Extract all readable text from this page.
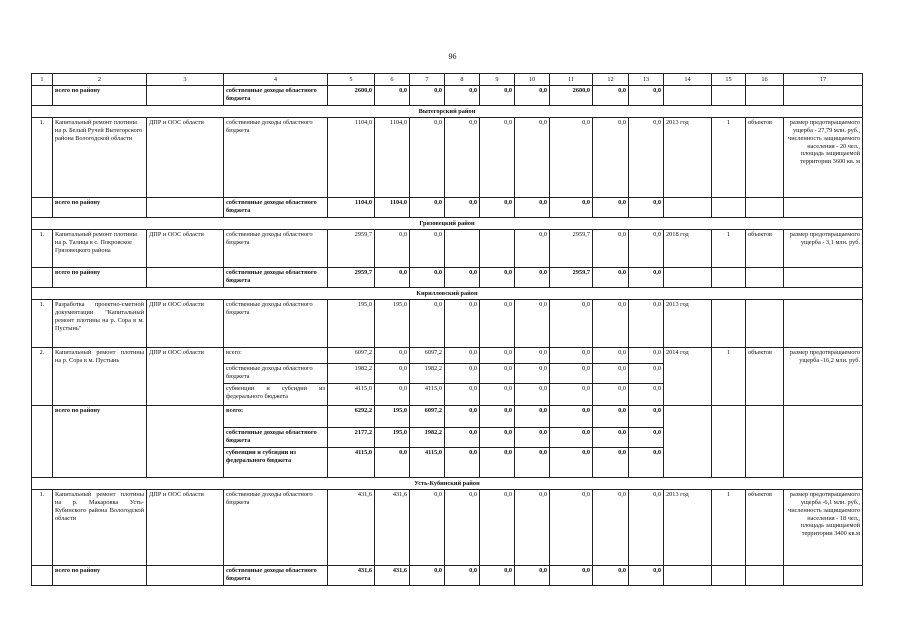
96
1	2	3	4	5	6	7	8	9	10	11	12	13	14	15	16	17
	всего по району		собственные доходы областного бюджета	2600,0	0,0	0,0	0,0	0,0	0,0	2600,0	0,0	0,0				
Вытегорский район																
1.	Капитальный ремонт плотины на р. Белый Ручей Вытегорского района Вологодской области	ДПР и ООС области	собственные доходы областного бюджета	1104,0	1104,0	0,0	0,0	0,0	0,0	0,0	0,0	0,0	2013 год	1	объектов	размер предотвращаемого ущерба - 27,79 млн. руб., численность защищаемого населения - 20 чел., площадь защищаемой территории 3600 кв. м
	всего по району		собственные доходы областного бюджета	1104,0	1104,0	0,0	0,0	0,0	0,0	0,0	0,0	0,0				
Грязовецкий район																
1.	Капитальный ремонт плотины на р. Талица в с. Покровское Грязовецкого района	ДПР и ООС области	собственные доходы областного бюджета	2959,7	0,0	0,0			0,0	2959,7	0,0	0,0	2018 год	1	объектов	размер предотвращаемого ущерба - 3,1 млн. руб.
	всего по району		собственные доходы областного бюджета	2959,7	0,0	0,0	0,0	0,0	0,0	2959,7	0,0	0,0				
Кирилловский район																
1.	Разработка проектно-сметной документации "Капитальный ремонт плотины на р. Сора в м. Пустынь"	ДПР и ООС области	собственные доходы областного бюджета	195,0	195,0	0,0	0,0	0,0	0,0	0,0	0,0	0,0	2013 год			
2.	Капитальный ремонт плотины на р. Сора в м. Пустынь	ДПР и ООС области	всего:	6097,2	0,0	6097,2	0,0	0,0	0,0	0,0	0,0	0,0	2014 год	1	объектов	размер предотвращаемого ущерба -16,2 млн. руб.
			собственные доходы областного бюджета	1982,2	0,0	1982,2	0,0	0,0	0,0	0,0	0,0	0,0				
			субвенции и субсидии из федерального бюджета	4115,0	0,0	4115,0	0,0	0,0	0,0	0,0	0,0	0,0				
	всего по району		всего:	6292,2	195,0	6097,2	0,0	0,0	0,0	0,0	0,0	0,0				
			собственные доходы областного бюджета	2177,2	195,0	1982,2	0,0	0,0	0,0	0,0	0,0	0,0				
			субвенции и субсидии из федерального бюджета	4115,0	0,0	4115,0	0,0	0,0	0,0	0,0	0,0	0,0				
Усть-Кубинский район																
1.	Капитальный ремонт плотины на р. Макаровка Усть-Кубинского района Вологодской области	ДПР и ООС области	собственные доходы областного бюджета	431,6	431,6	0,0	0,0	0,0	0,0	0,0	0,0	0,0	2013 год	1	объектов	размер предотвращаемого ущерба -6,1 млн. руб., численность защищаемого населения - 18 чел., площадь защищаемой территории 3400 кв.м
	всего по району		собственные доходы областного бюджета	431,6	431,6	0,0	0,0	0,0	0,0	0,0	0,0	0,0				
